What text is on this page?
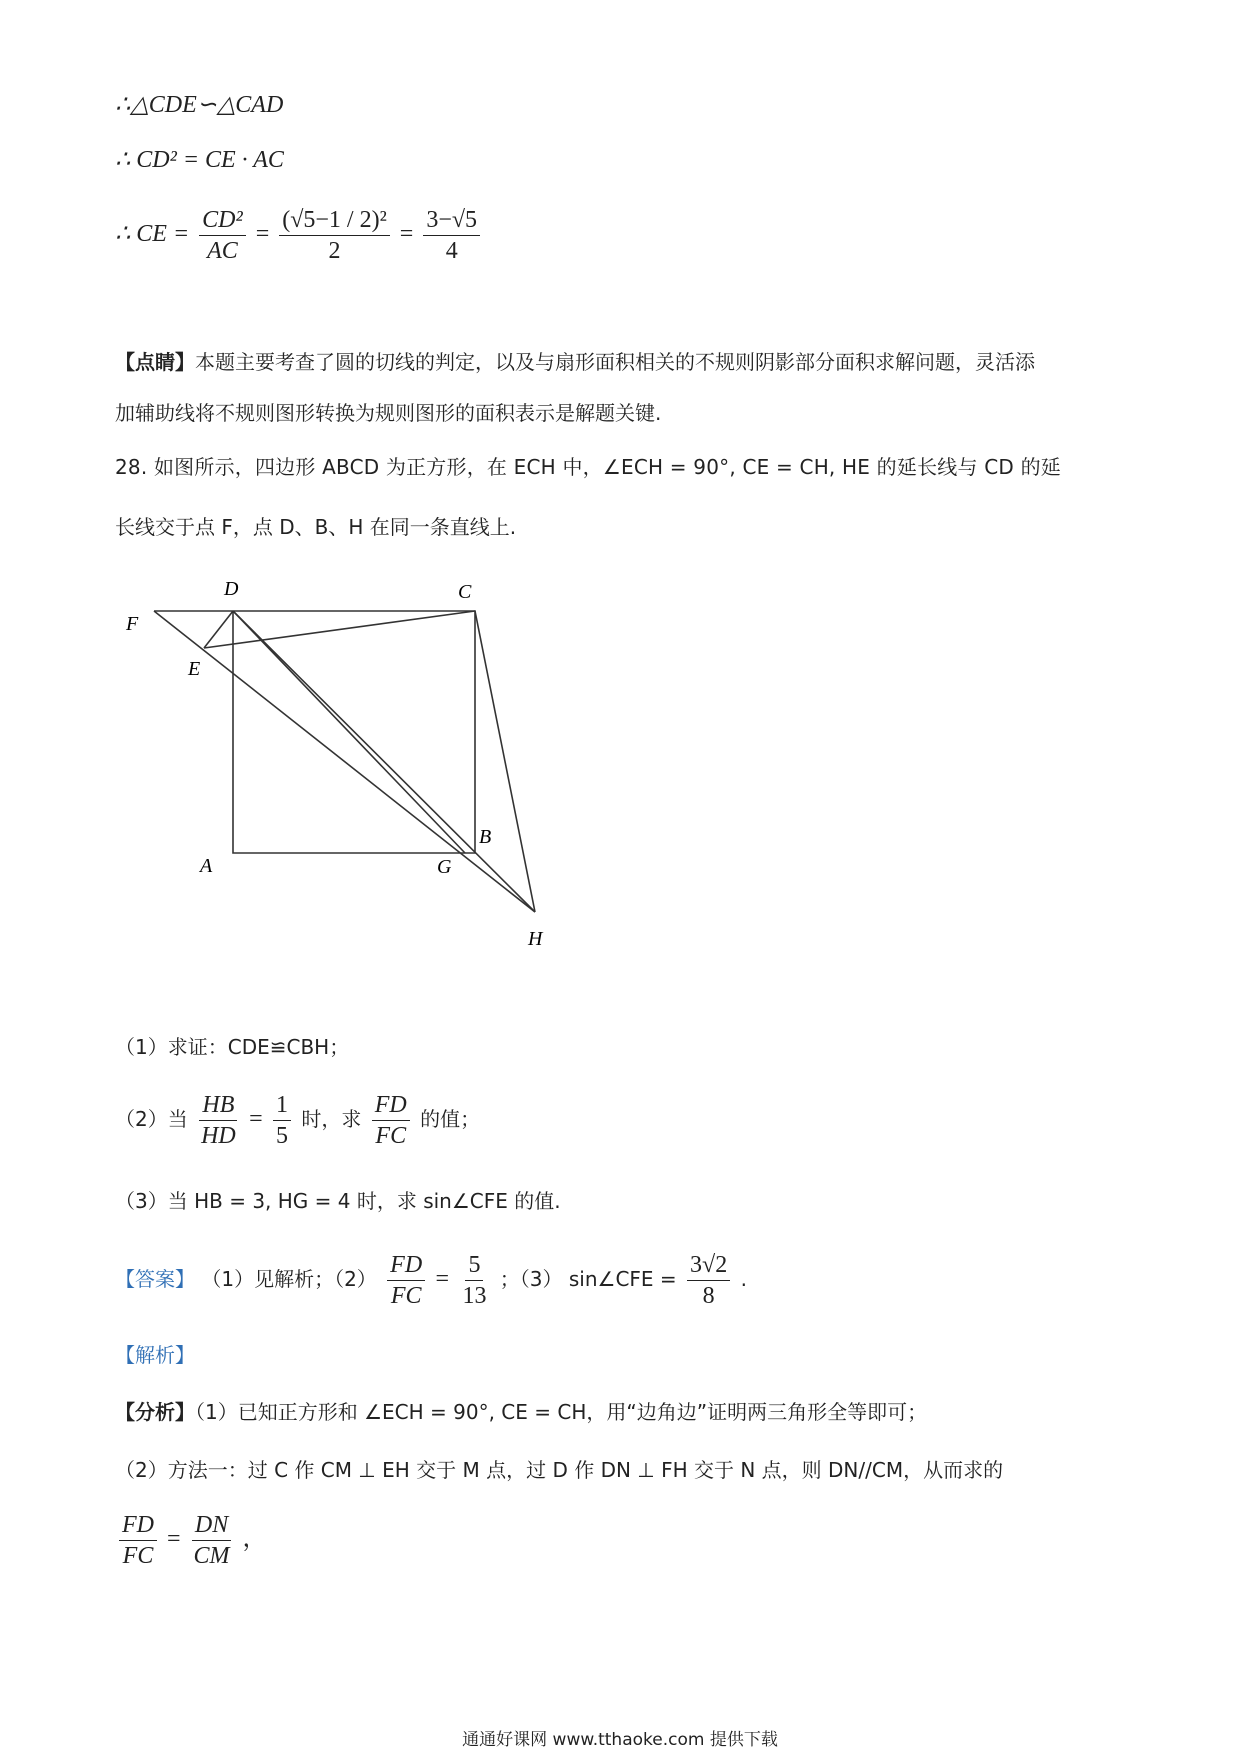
∴△CDE∽△CAD
∴ CD² = CE · AC
∴ CE = $\frac{\text{CD²}}{AC} = \frac{\text{(√5−1 / 2)²}}{2} = \frac{3-√5}{4}$
【点睛】本题主要考查了圆的切线的判定，以及与扇形面积相关的不规则阴影部分面积求解问题，灵活添
加辅助线将不规则图形转换为规则图形的面积表示是解题关键.
28. 如图所示，四边形 ABCD 为正方形，在 ECH 中，∠ECH = 90°, CE = CH, HE 的延长线与 CD 的延
长线交于点 F，点 D、B、H 在同一条直线上.
D	C
F
E
A	G
B
H
（1）求证：CDE≌CBH；
（2）当 $\frac{HB}{HD} = \frac{1}{5}$ 时，求 $\frac{FD}{FC}$ 的值；
（3）当 HB = 3, HG = 4 时，求 sin∠CFE 的值.
【答案】 （1）见解析；$(2) \frac{FD}{FC} = \frac{5}{13}$ ；（3） sin∠CFE = $\frac{3√2}{8}$ .
【解析】
【分析】（1）已知正方形和 ∠ECH = 90°, CE = CH，用“边角边”证明两三角形全等即可；
（2）方法一：过 C 作 CM ⊥ EH 交于 M 点，过 D 作 DN ⊥ FH 交于 N 点，则 DN//CM，从而求的
$\frac{FD}{FC} = \frac{DN}{CM}$ ，
通通好课网 www.tthaoke.com 提供下载
